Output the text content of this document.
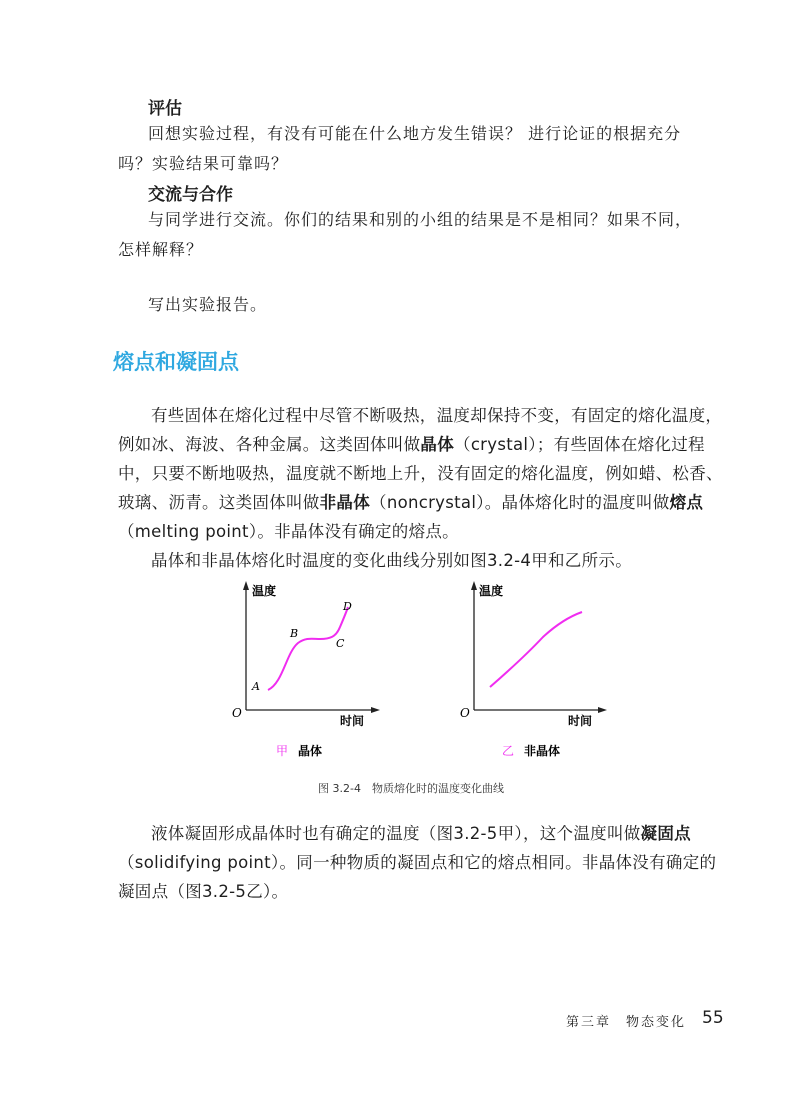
评估
回想实验过程，有没有可能在什么地方发生错误？ 进行论证的根据充分
吗？实验结果可靠吗？
交流与合作
与同学进行交流。你们的结果和别的小组的结果是不是相同？如果不同，
怎样解释？
写出实验报告。
熔点和凝固点

有些固体在熔化过程中尽管不断吸热，温度却保持不变，有固定的熔化温度，例如冰、海波、各种金属。这类固体叫做晶体（crystal）；有些固体在熔化过程中，只要不断地吸热，温度就不断地上升，没有固定的熔化温度，例如蜡、松香、玻璃、沥青。这类固体叫做非晶体（noncrystal）。晶体熔化时的温度叫做熔点（melting point）。非晶体没有确定的熔点。

晶体和非晶体熔化时温度的变化曲线分别如图3.2-4甲和乙所示。

温度
时间
O
A
B
C
D
甲 晶体
温度
时间
O
乙 非晶体
图 3.2-4　物质熔化时的温度变化曲线

液体凝固形成晶体时也有确定的温度（图3.2-5甲），这个温度叫做凝固点（solidifying point）。同一种物质的凝固点和它的熔点相同。非晶体没有确定的凝固点（图3.2-5乙）。

第三章　物态变化 55
